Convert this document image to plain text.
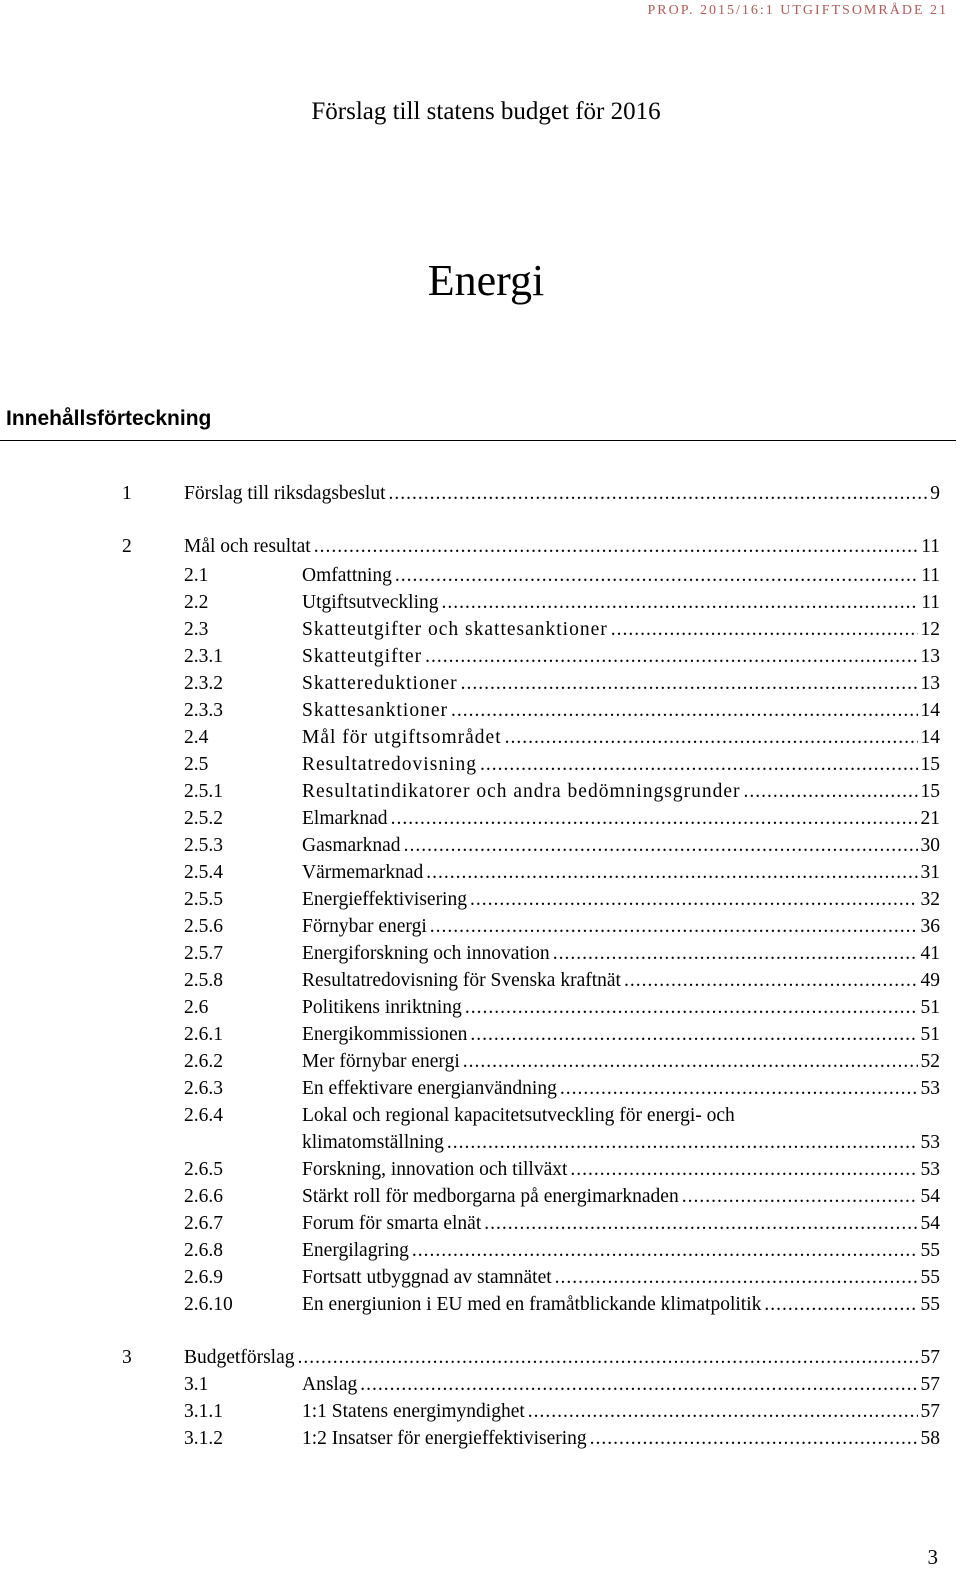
PROP. 2015/16:1 UTGIFTSOMRÅDE 21
Förslag till statens budget för 2016
Energi
Innehållsförteckning
1	Förslag till riksdagsbeslut .....	9
2	Mål och resultat .....	11
2.1	Omfattning .....	11
2.2	Utgiftsutveckling .....	11
2.3	Skatteutgifter och skattesanktioner .....	12
2.3.1	Skatteutgifter .....	13
2.3.2	Skattereduktioner .....	13
2.3.3	Skattesanktioner .....	14
2.4	Mål för utgiftsområdet .....	14
2.5	Resultatredovisning .....	15
2.5.1	Resultatindikatorer och andra bedömningsgrunder .....	15
2.5.2	Elmarknad .....	21
2.5.3	Gasmarknad .....	30
2.5.4	Värmemarknad .....	31
2.5.5	Energieffektivisering .....	32
2.5.6	Förnybar energi .....	36
2.5.7	Energiforskning och innovation .....	41
2.5.8	Resultatredovisning för Svenska kraftnät .....	49
2.6	Politikens inriktning .....	51
2.6.1	Energikommissionen .....	51
2.6.2	Mer förnybar energi .....	52
2.6.3	En effektivare energianvändning .....	53
2.6.4	Lokal och regional kapacitetsutveckling för energi- och
klimatomställning .....	53
2.6.5	Forskning, innovation och tillväxt .....	53
2.6.6	Stärkt roll för medborgarna på energimarknaden .....	54
2.6.7	Forum för smarta elnät .....	54
2.6.8	Energilagring .....	55
2.6.9	Fortsatt utbyggnad av stamnätet .....	55
2.6.10	En energiunion i EU med en framåtblickande klimatpolitik .....	55
3	Budgetförslag .....	57
3.1	Anslag .....	57
3.1.1	1:1 Statens energimyndighet .....	57
3.1.2	1:2 Insatser för energieffektivisering .....	58
3
